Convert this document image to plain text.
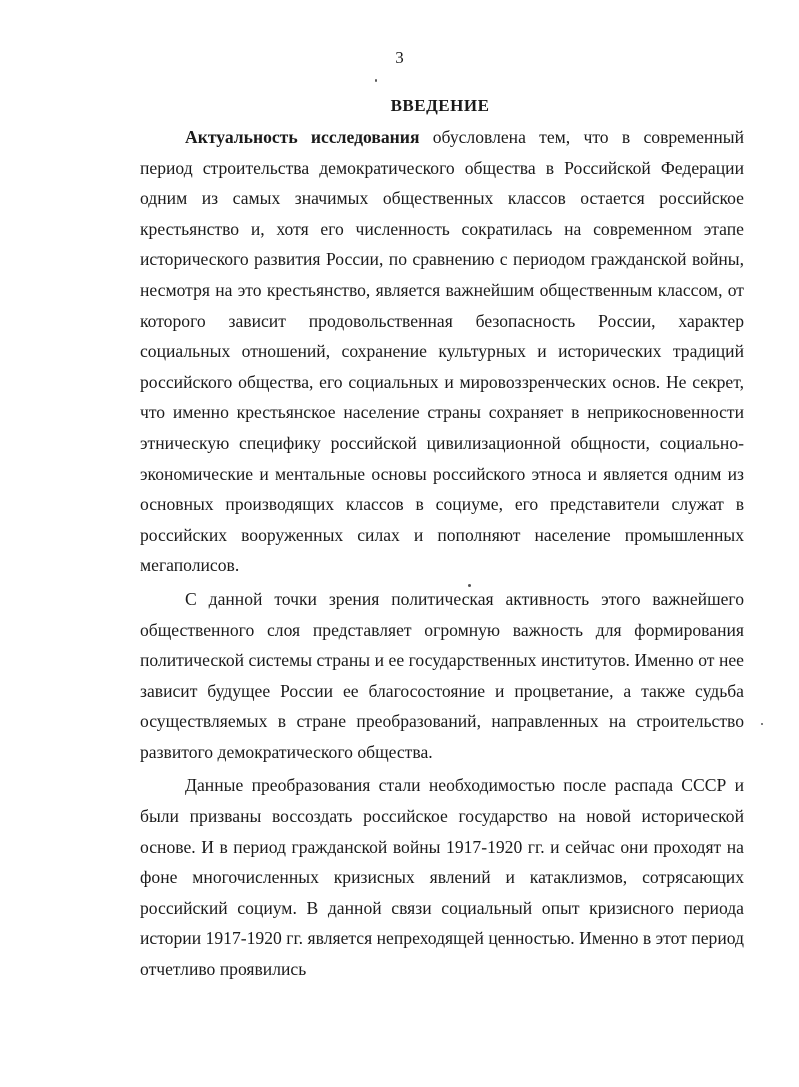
3
ВВЕДЕНИЕ

Актуальность исследования обусловлена тем, что в современный период строительства демократического общества в Российской Федерации одним из самых значимых общественных классов остается российское крестьянство и, хотя его численность сократилась на современном этапе исторического развития России, по сравнению с периодом гражданской войны, несмотря на это крестьянство, является важнейшим общественным классом, от которого зависит продовольственная безопасность России, характер социальных отношений, сохранение культурных и исторических традиций российского общества, его социальных и мировоззренческих основ. Не секрет, что именно крестьянское население страны сохраняет в неприкосновенности этническую специфику российской цивилизационной общности, социально-экономические и ментальные основы российского этноса и является одним из основных производящих классов в социуме, его представители служат в российских вооруженных силах и пополняют население промышленных мегаполисов.

С данной точки зрения политическая активность этого важнейшего общественного слоя представляет огромную важность для формирования политической системы страны и ее государственных институтов. Именно от нее зависит будущее России ее благосостояние и процветание, а также судьба осуществляемых в стране преобразований, направленных на строительство развитого демократического общества.

Данные преобразования стали необходимостью после распада СССР и были призваны воссоздать российское государство на новой исторической основе. И в период гражданской войны 1917-1920 гг. и сейчас они проходят на фоне многочисленных кризисных явлений и катаклизмов, сотрясающих российский социум. В данной связи социальный опыт кризисного периода истории 1917-1920 гг. является непреходящей ценностью. Именно в этот период отчетливо проявились
